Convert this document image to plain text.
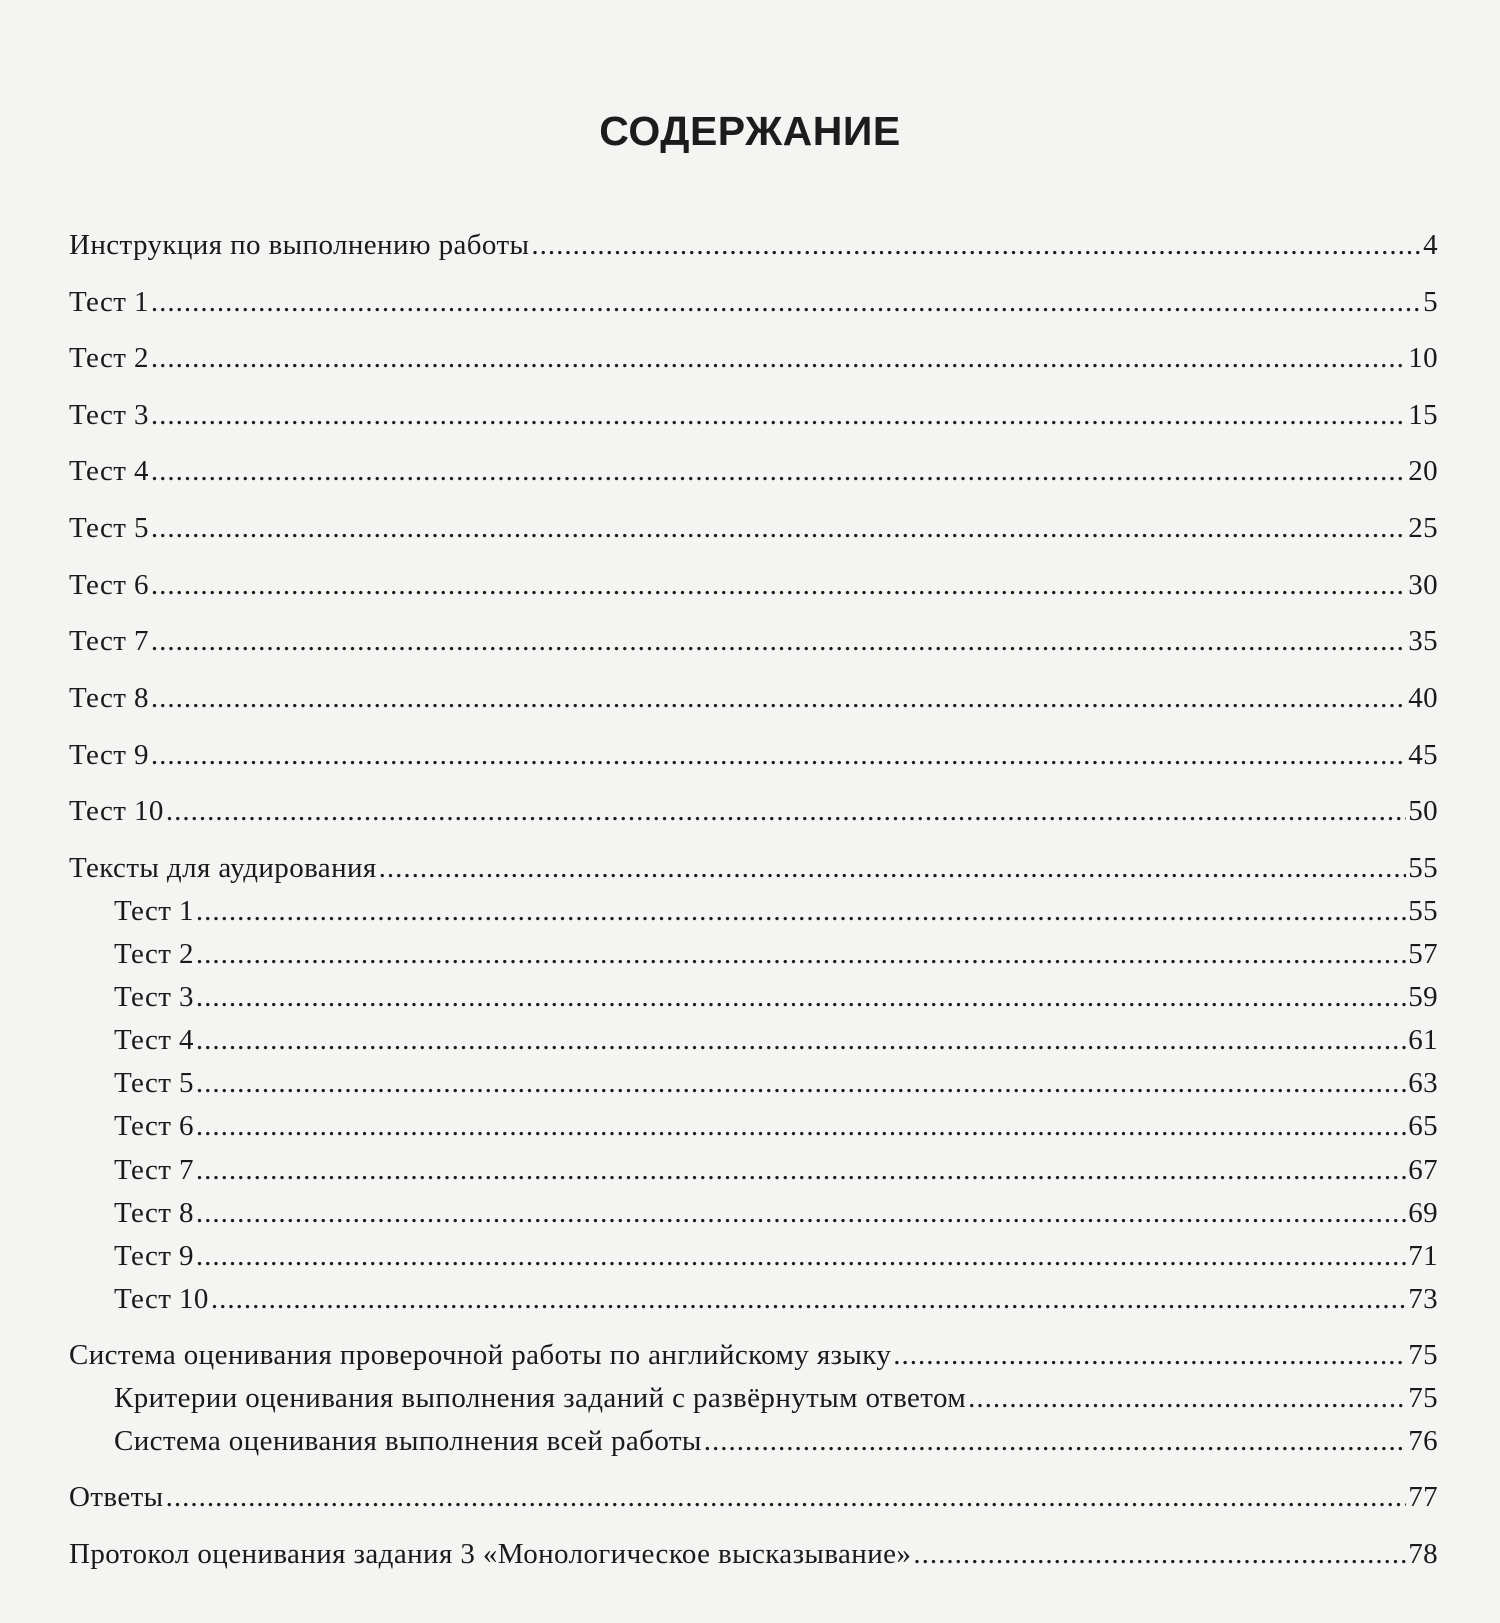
СОДЕРЖАНИЕ
Инструкция по выполнению работы .....	4
Тест 1 .....	5
Тест 2 .....	10
Тест 3 .....	15
Тест 4 .....	20
Тест 5 .....	25
Тест 6 .....	30
Тест 7 .....	35
Тест 8 .....	40
Тест 9 .....	45
Тест 10 .....	50
Тексты для аудирования .....	55
Тест 1 .....	55
Тест 2 .....	57
Тест 3 .....	59
Тест 4 .....	61
Тест 5 .....	63
Тест 6 .....	65
Тест 7 .....	67
Тест 8 .....	69
Тест 9 .....	71
Тест 10 .....	73
Система оценивания проверочной работы по английскому языку .....	75
Критерии оценивания выполнения заданий с развёрнутым ответом .....	75
Система оценивания выполнения всей работы .....	76
Ответы .....	77
Протокол оценивания задания 3 «Монологическое высказывание» .....	78
